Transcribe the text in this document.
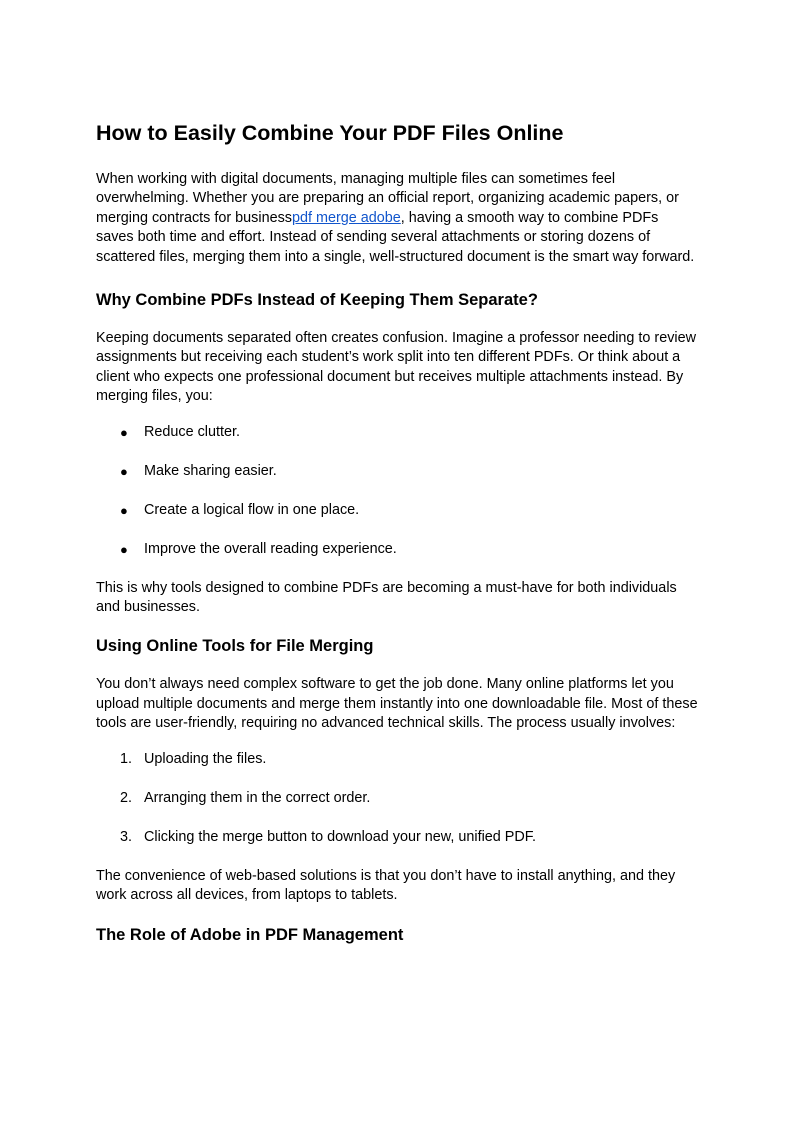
How to Easily Combine Your PDF Files Online

When working with digital documents, managing multiple files can sometimes feel overwhelming. Whether you are preparing an official report, organizing academic papers, or merging contracts for businesspdf merge adobe, having a smooth way to combine PDFs saves both time and effort. Instead of sending several attachments or storing dozens of scattered files, merging them into a single, well-structured document is the smart way forward.

Why Combine PDFs Instead of Keeping Them Separate?

Keeping documents separated often creates confusion. Imagine a professor needing to review assignments but receiving each student’s work split into ten different PDFs. Or think about a client who expects one professional document but receives multiple attachments instead. By merging files, you:

● Reduce clutter.
● Make sharing easier.
● Create a logical flow in one place.
● Improve the overall reading experience.

This is why tools designed to combine PDFs are becoming a must-have for both individuals and businesses.

Using Online Tools for File Merging

You don’t always need complex software to get the job done. Many online platforms let you upload multiple documents and merge them instantly into one downloadable file. Most of these tools are user-friendly, requiring no advanced technical skills. The process usually involves:

1. Uploading the files.
2. Arranging them in the correct order.
3. Clicking the merge button to download your new, unified PDF.

The convenience of web-based solutions is that you don’t have to install anything, and they work across all devices, from laptops to tablets.

The Role of Adobe in PDF Management
